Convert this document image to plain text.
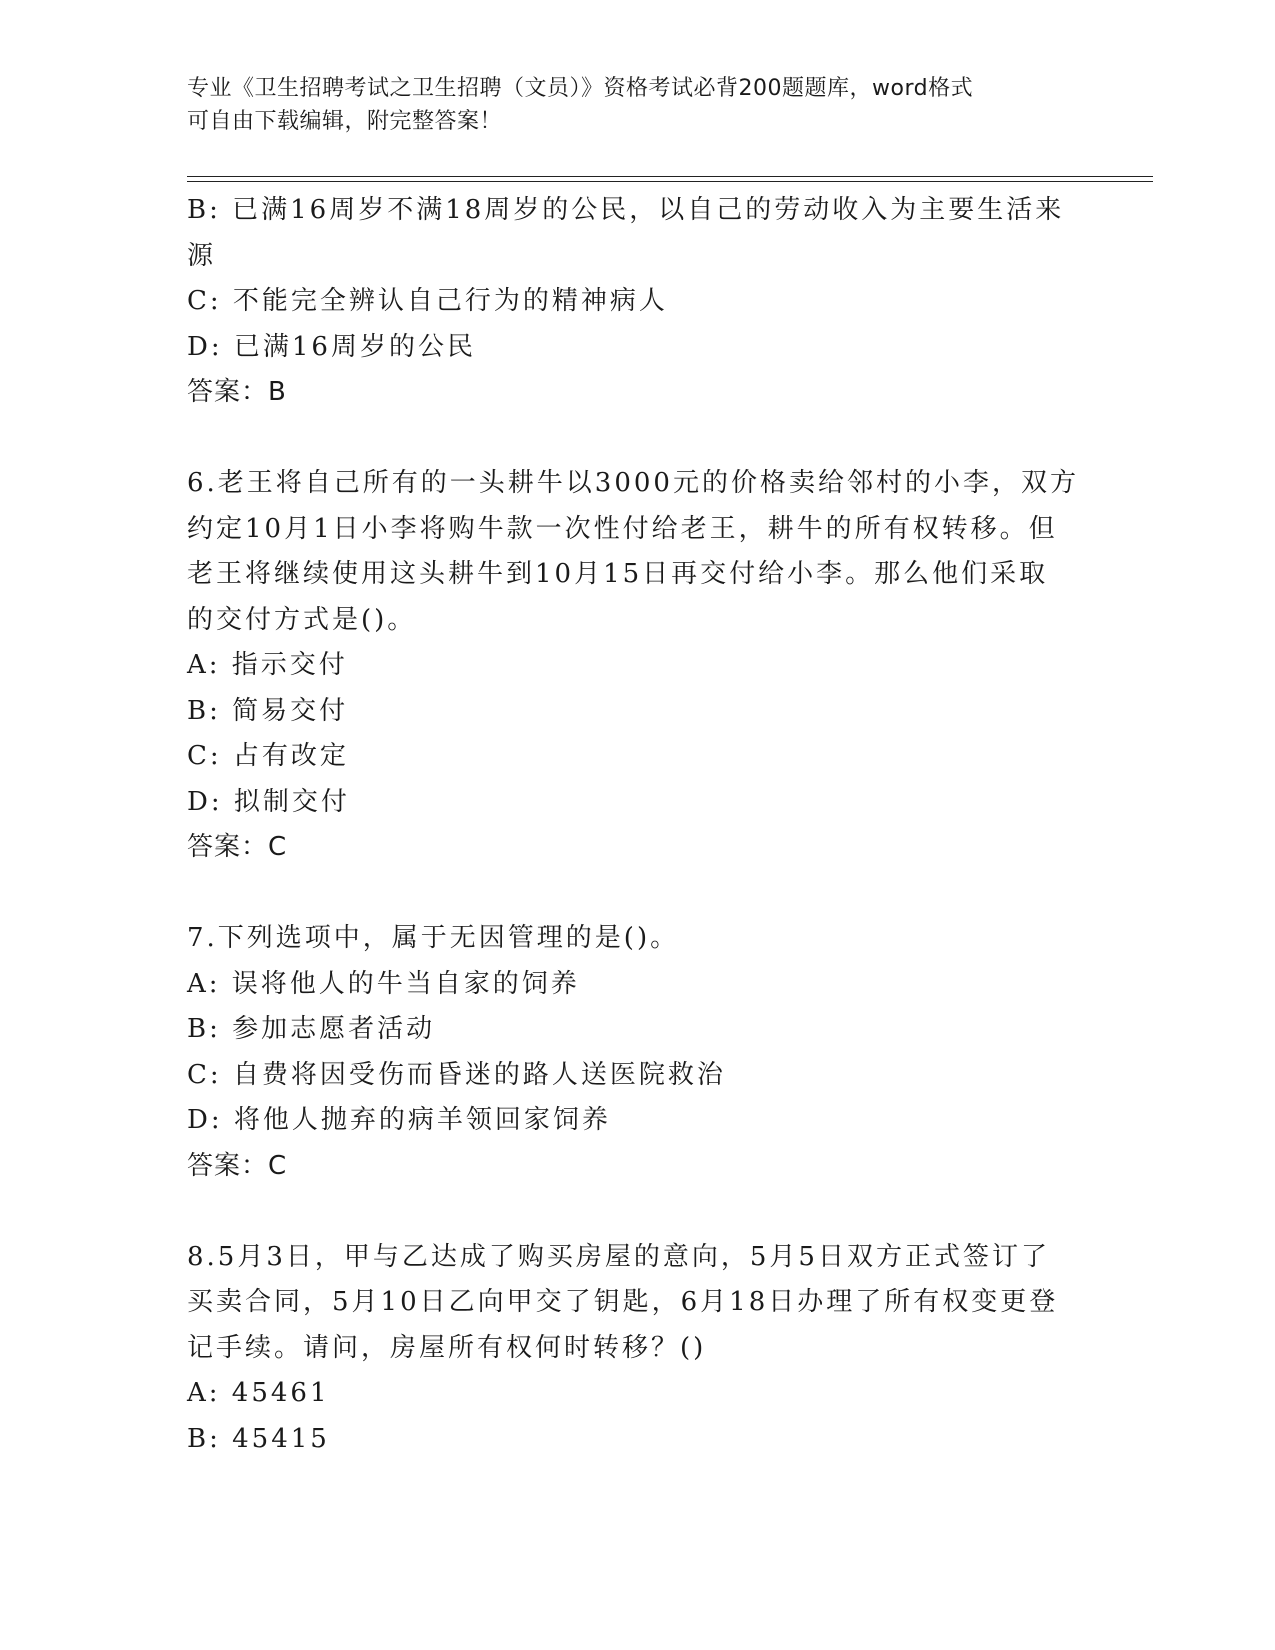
专业《卫生招聘考试之卫生招聘（文员）》资格考试必背200题题库，word格式
可自由下载编辑，附完整答案！
B: 已满16周岁不满18周岁的公民，以自己的劳动收入为主要生活来
源
C: 不能完全辨认自己行为的精神病人
D: 已满16周岁的公民
答案：B
6.老王将自己所有的一头耕牛以3000元的价格卖给邻村的小李，双方
约定10月1日小李将购牛款一次性付给老王，耕牛的所有权转移。但
老王将继续使用这头耕牛到10月15日再交付给小李。那么他们采取
的交付方式是()。
A: 指示交付
B: 简易交付
C: 占有改定
D: 拟制交付
答案：C
7.下列选项中，属于无因管理的是()。
A: 误将他人的牛当自家的饲养
B: 参加志愿者活动
C: 自费将因受伤而昏迷的路人送医院救治
D: 将他人抛弃的病羊领回家饲养
答案：C
8.5月3日，甲与乙达成了购买房屋的意向，5月5日双方正式签订了
买卖合同，5月10日乙向甲交了钥匙，6月18日办理了所有权变更登
记手续。请问，房屋所有权何时转移？()
A: 45461
B: 45415
